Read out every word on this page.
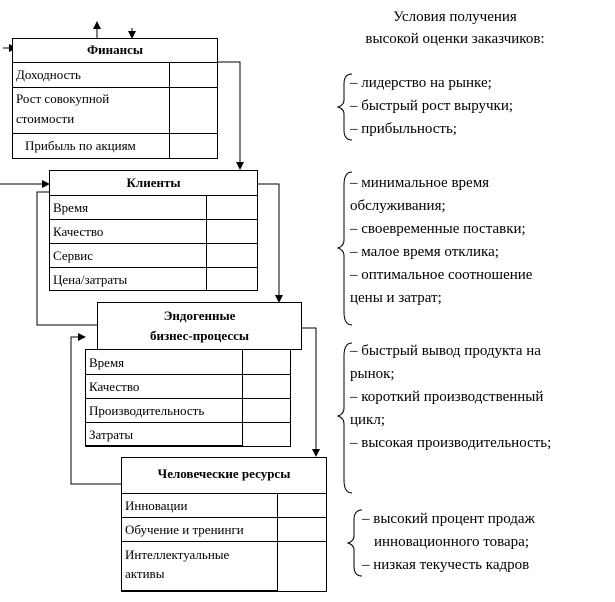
Условия получения
высокой оценки заказчиков:
Финансы
Доходность
Рост совокупной
стоимости
Прибыль по акциям
Клиенты
Время
Качество
Сервис
Цена/затраты
Эндогенные
бизнес-процессы
Время
Качество
Производительность
Затраты
Человеческие ресурсы
Инновации
Обучение и тренинги
Интеллектуальные
активы
– лидерство на рынке;
– быстрый рост выручки;
– прибыльность;
– минимальное время
обслуживания;
– своевременные поставки;
– малое время отклика;
– оптимальное соотношение
цены и затрат;
– быстрый вывод продукта на
рынок;
– короткий производственный
цикл;
– высокая производительность;
– высокий процент продаж
инновационного товара;
– низкая текучесть кадров
